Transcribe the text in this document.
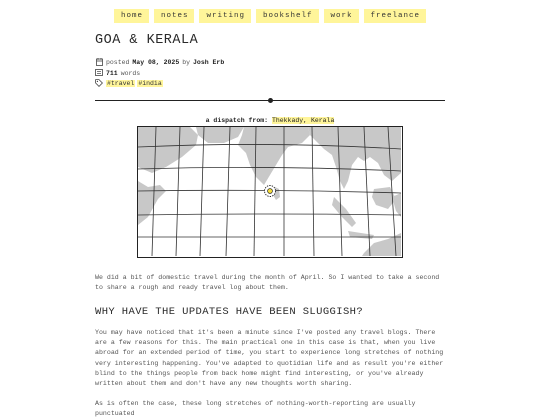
home	notes	writing	bookshelf	work	freelance
GOA & KERALA
posted May 08, 2025 by Josh Erb
711 words
#travel #india
a dispatch from: Thekkady, Kerala

We did a bit of domestic travel during the month of April. So I wanted to take a second to share a rough and ready travel log about them.

WHY HAVE THE UPDATES HAVE BEEN SLUGGISH?

You may have noticed that it's been a minute since I've posted any travel blogs. There are a few reasons for this. The main practical one in this case is that, when you live abroad for an extended period of time, you start to experience long stretches of nothing very interesting happening. You've adapted to quotidian life and as result you're either blind to the things people from back home might find interesting, or you've already written about them and don't have any new thoughts worth sharing.

As is often the case, these long stretches of nothing-worth-reporting are usually punctuated
